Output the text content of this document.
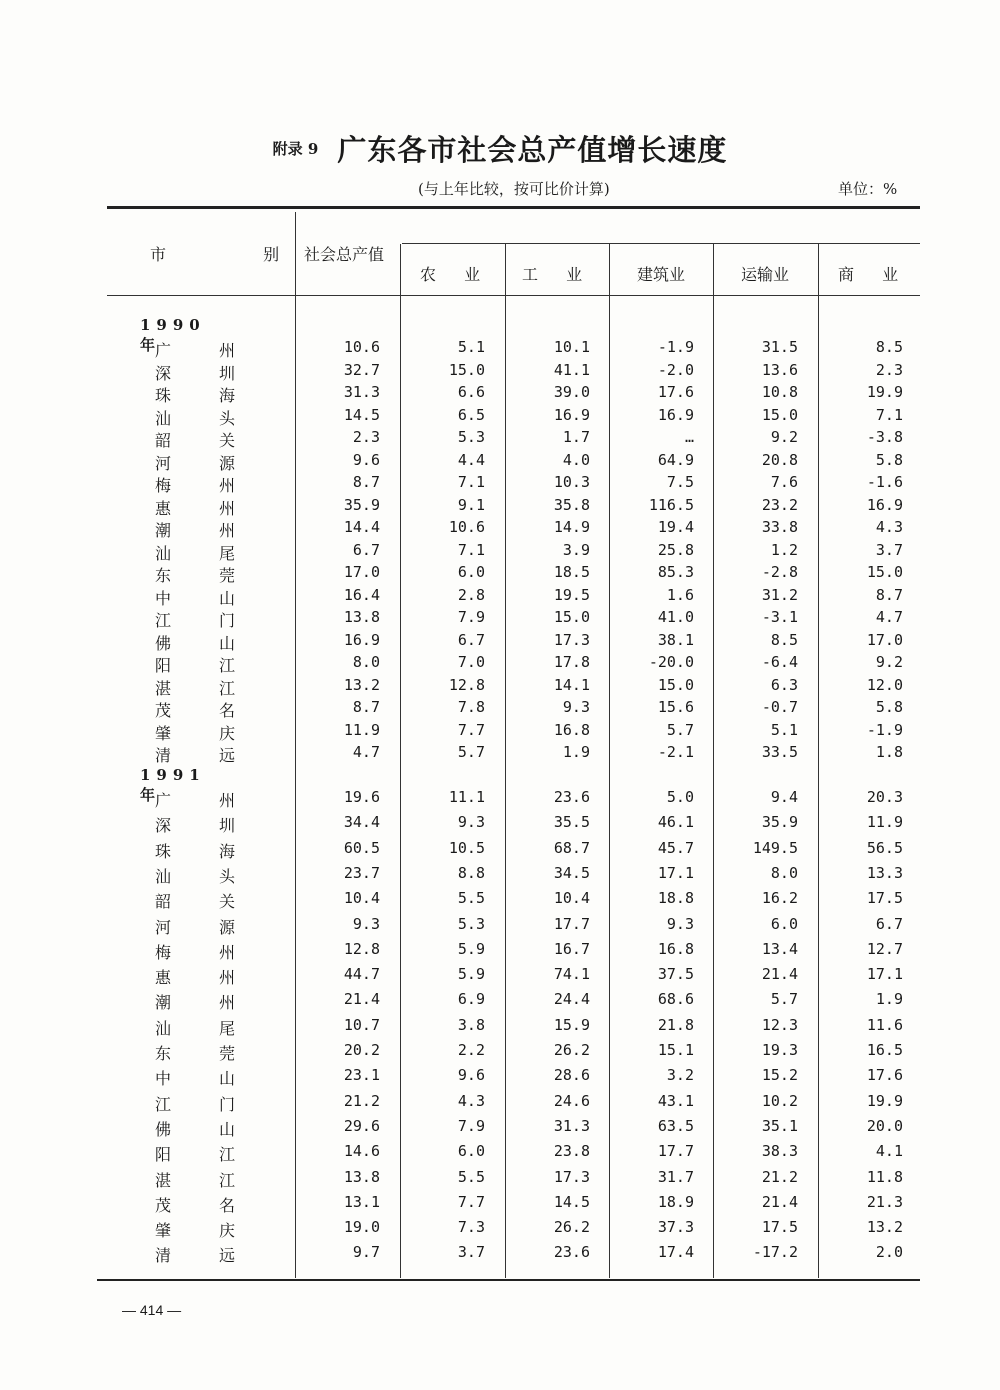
附录 9 广东各市社会总产值增长速度
(与上年比较，按可比价计算)	单位：%
市 别
社会总产值
农  业 工  业	建筑业	运输业	商  业
1990年
广州	10.6	5.1	10.1	-1.9	31.5	8.5
深圳	32.7	15.0	41.1	-2.0	13.6	2.3
珠海	31.3	6.6	39.0	17.6	10.8	19.9
汕头	14.5	6.5	16.9	16.9	15.0	7.1
韶关	2.3	5.3	1.7	…	9.2	-3.8
河源	9.6	4.4	4.0	64.9	20.8	5.8
梅州	8.7	7.1	10.3	7.5	7.6	-1.6
惠州	35.9	9.1	35.8	116.5	23.2	16.9
潮州	14.4	10.6	14.9	19.4	33.8	4.3
汕尾	6.7	7.1	3.9	25.8	1.2	3.7
东莞	17.0	6.0	18.5	85.3	-2.8	15.0
中山	16.4	2.8	19.5	1.6	31.2	8.7
江门	13.8	7.9	15.0	41.0	-3.1	4.7
佛山	16.9	6.7	17.3	38.1	8.5	17.0
阳江	8.0	7.0	17.8	-20.0	-6.4	9.2
湛江	13.2	12.8	14.1	15.0	6.3	12.0
茂名	8.7	7.8	9.3	15.6	-0.7	5.8
肇庆	11.9	7.7	16.8	5.7	5.1	-1.9
清远	4.7	5.7	1.9	-2.1	33.5	1.8
1991年
广州	19.6	11.1	23.6	5.0	9.4	20.3
深圳	34.4	9.3	35.5	46.1	35.9	11.9
珠海	60.5	10.5	68.7	45.7	149.5	56.5
汕头	23.7	8.8	34.5	17.1	8.0	13.3
韶关	10.4	5.5	10.4	18.8	16.2	17.5
河源	9.3	5.3	17.7	9.3	6.0	6.7
梅州	12.8	5.9	16.7	16.8	13.4	12.7
惠州	44.7	5.9	74.1	37.5	21.4	17.1
潮州	21.4	6.9	24.4	68.6	5.7	1.9
汕尾	10.7	3.8	15.9	21.8	12.3	11.6
东莞	20.2	2.2	26.2	15.1	19.3	16.5
中山	23.1	9.6	28.6	3.2	15.2	17.6
江门	21.2	4.3	24.6	43.1	10.2	19.9
佛山	29.6	7.9	31.3	63.5	35.1	20.0
阳江	14.6	6.0	23.8	17.7	38.3	4.1
湛江	13.8	5.5	17.3	31.7	21.2	11.8
茂名	13.1	7.7	14.5	18.9	21.4	21.3
肇庆	19.0	7.3	26.2	37.3	17.5	13.2
清远	9.7	3.7	23.6	17.4	-17.2	2.0
— 414 —
